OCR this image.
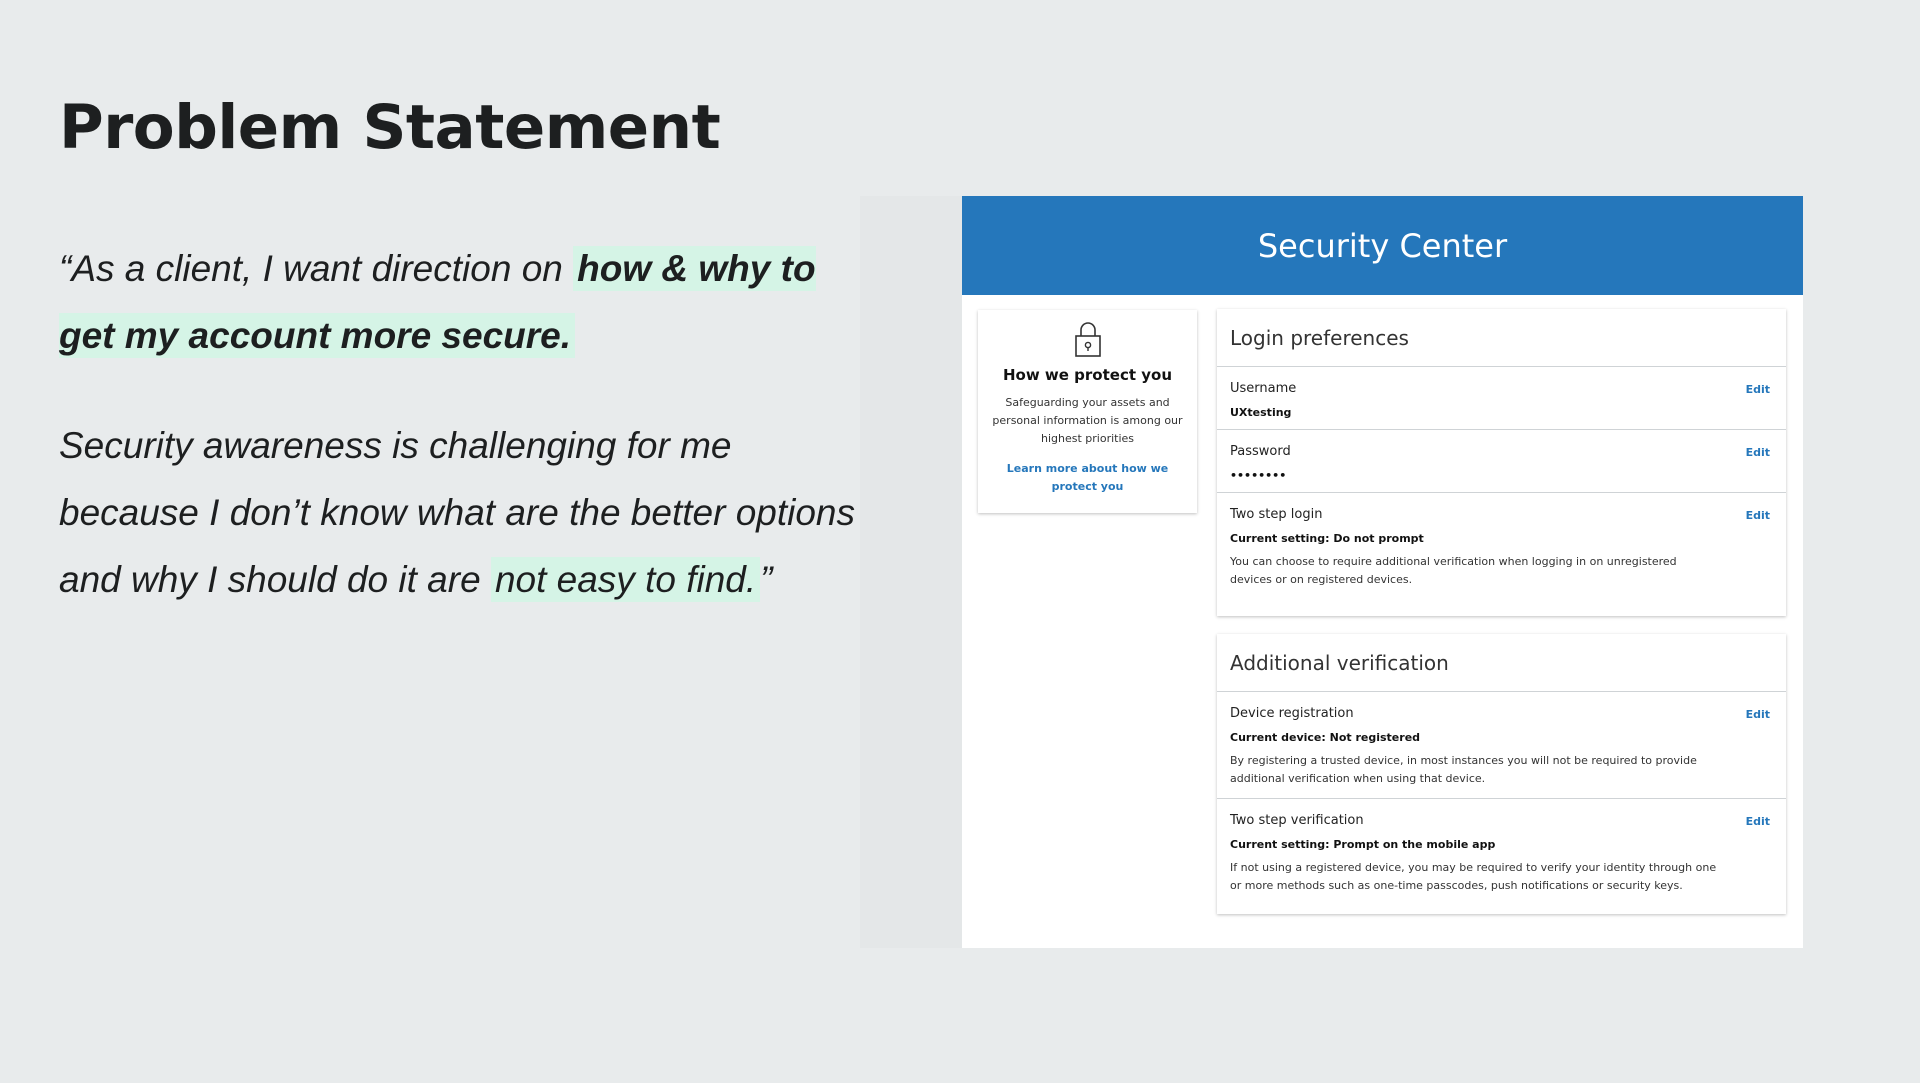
Problem Statement

“As a client, I want direction on how & why to get my account more secure.

Security awareness is challenging for me because I don’t know what are the better options and why I should do it are not easy to find. ”

Security Center
How we protect you
Safeguarding your assets and personal information is among our highest priorities
Learn more about how we protect you
Login preferences
Username	Edit
UXtesting
Password	Edit
••••••••
Two step login	Edit
Current setting: Do not prompt
You can choose to require additional verification when logging in on unregistered devices or on registered devices.
Additional verification
Device registration	Edit
Current device: Not registered
By registering a trusted device, in most instances you will not be required to provide additional verification when using that device.
Two step verification	Edit
Current setting: Prompt on the mobile app
If not using a registered device, you may be required to verify your identity through one or more methods such as one-time passcodes, push notifications or security keys.
